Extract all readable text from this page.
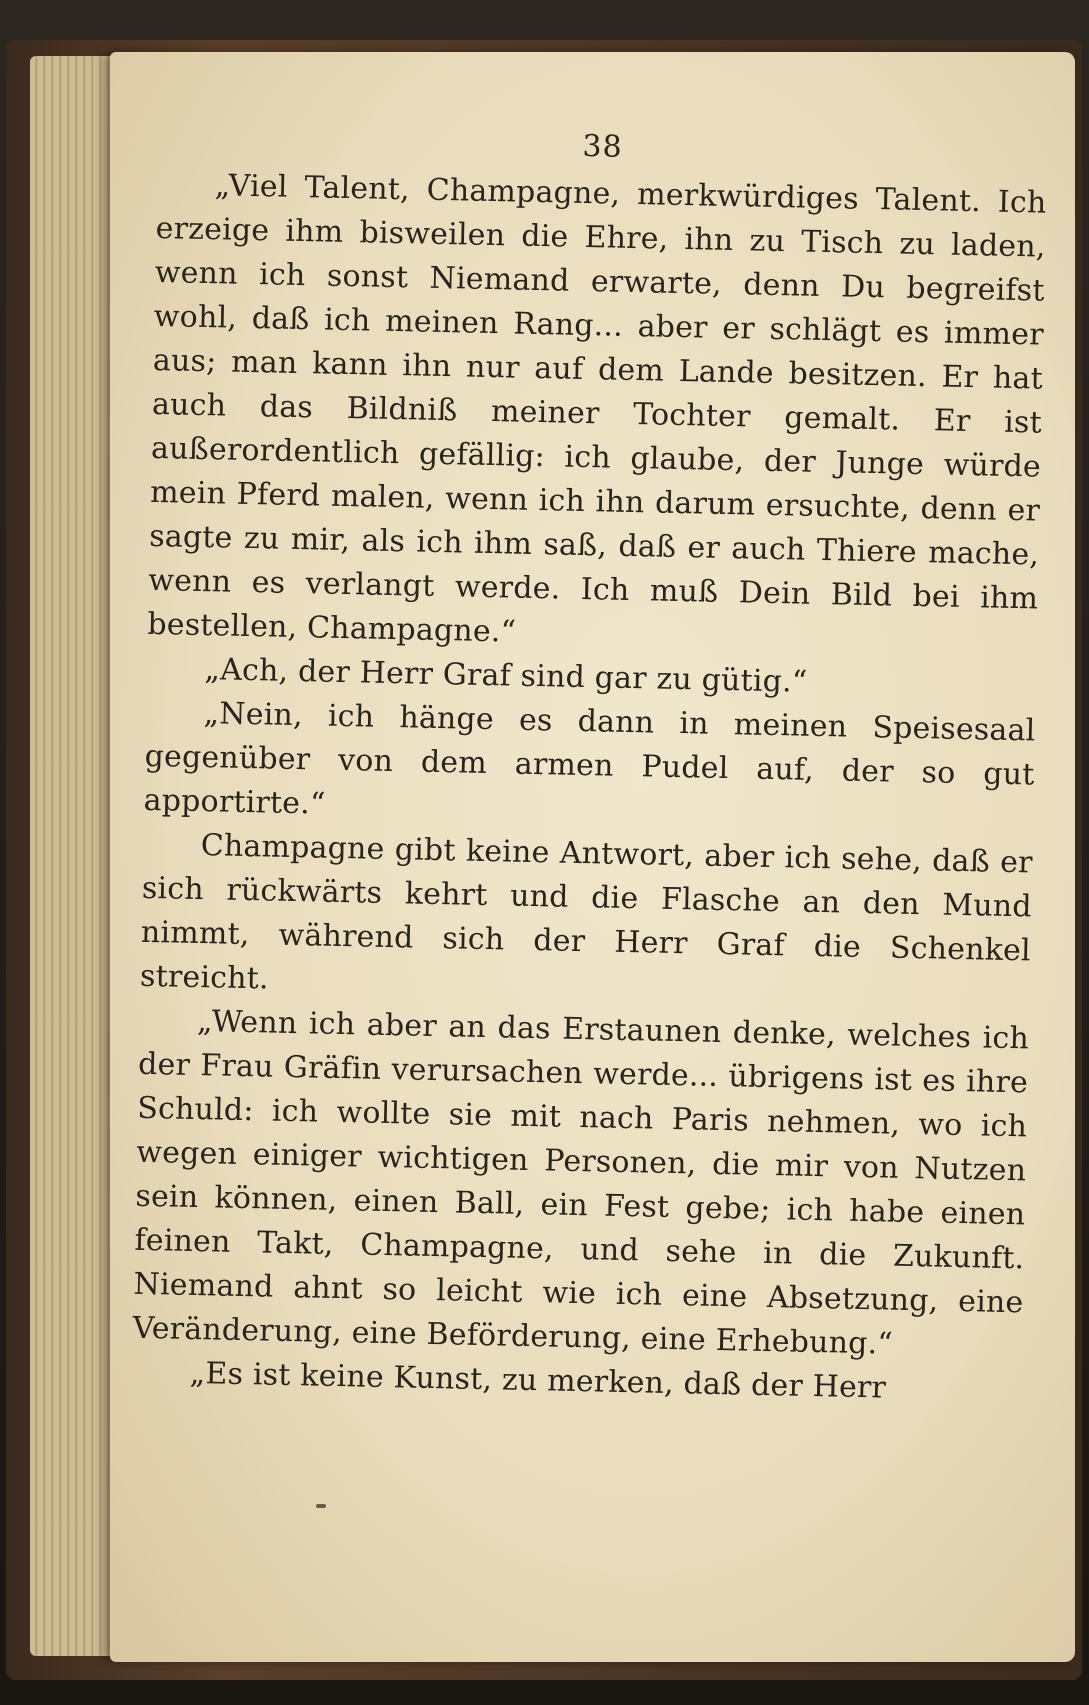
38

„Viel Talent, Champagne, merkwürdiges Talent. Ich erzeige ihm bisweilen die Ehre, ihn zu Tisch zu laden, wenn ich sonst Niemand erwarte, denn Du begreifst wohl, daß ich meinen Rang... aber er schlägt es immer aus; man kann ihn nur auf dem Lande besitzen. Er hat auch das Bildniß meiner Tochter gemalt. Er ist außerordentlich gefällig: ich glaube, der Junge würde mein Pferd malen, wenn ich ihn darum ersuchte, denn er sagte zu mir, als ich ihm saß, daß er auch Thiere mache, wenn es verlangt werde. Ich muß Dein Bild bei ihm bestellen, Champagne.“

„Ach, der Herr Graf sind gar zu gütig.“

„Nein, ich hänge es dann in meinen Speisesaal gegenüber von dem armen Pudel auf, der so gut apportirte.“

Champagne gibt keine Antwort, aber ich sehe, daß er sich rückwärts kehrt und die Flasche an den Mund nimmt, während sich der Herr Graf die Schenkel streicht.

„Wenn ich aber an das Erstaunen denke, welches ich der Frau Gräfin verursachen werde... übrigens ist es ihre Schuld: ich wollte sie mit nach Paris nehmen, wo ich wegen einiger wichtigen Personen, die mir von Nutzen sein können, einen Ball, ein Fest gebe; ich habe einen feinen Takt, Champagne, und sehe in die Zukunft. Niemand ahnt so leicht wie ich eine Absetzung, eine Veränderung, eine Beförderung, eine Erhebung.“

„Es ist keine Kunst, zu merken, daß der Herr
